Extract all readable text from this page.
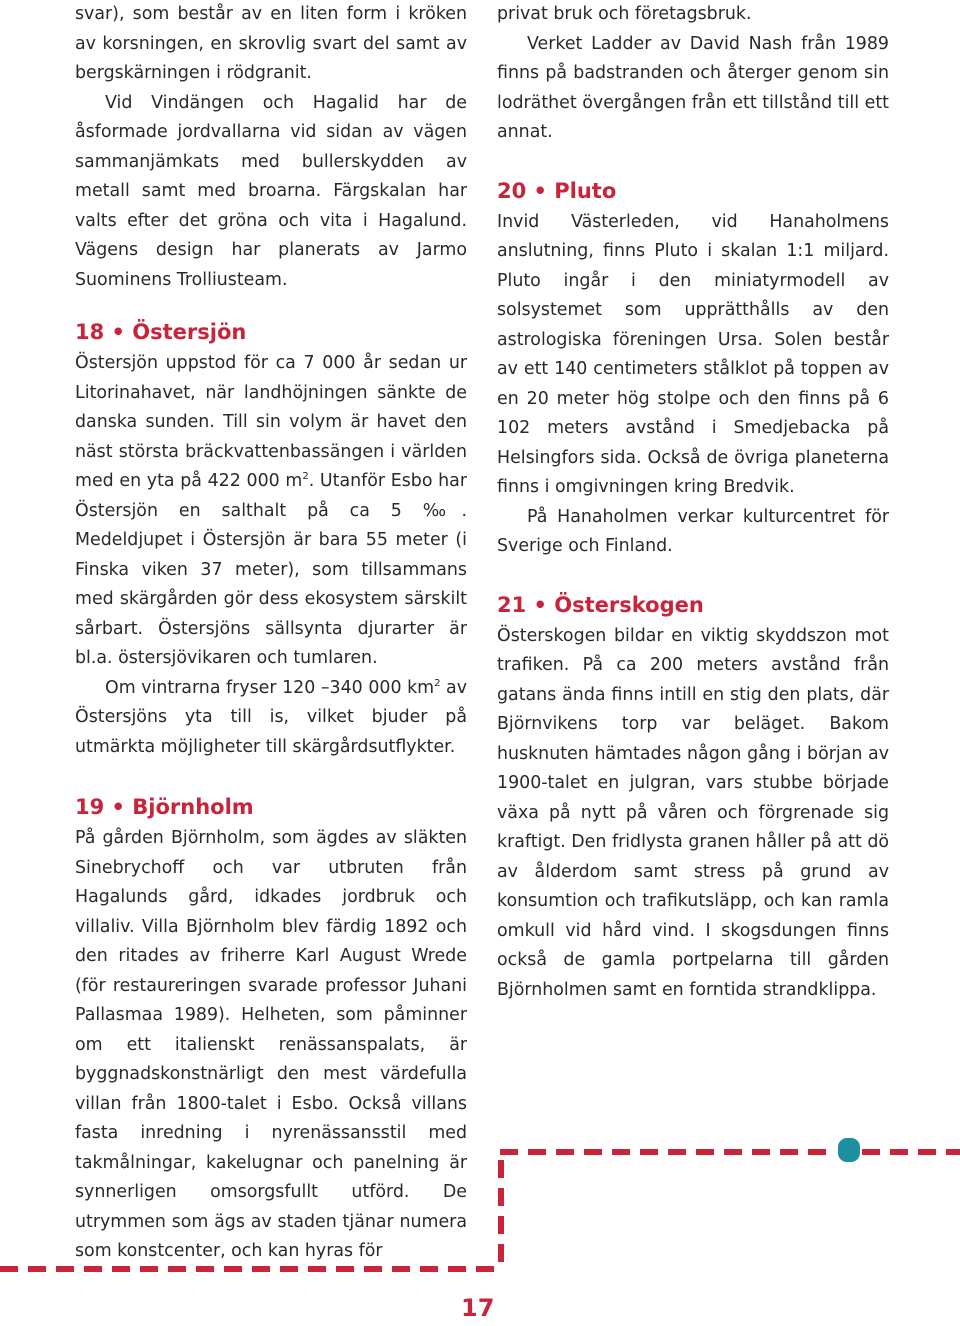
svar), som består av en liten form i kröken av korsningen, en skrovlig svart del samt av bergskärningen i rödgranit.

Vid Vindängen och Hagalid har de åsformade jordvallarna vid sidan av vägen sammanjämkats med bullerskydden av metall samt med broarna. Färgskalan har valts efter det gröna och vita i Hagalund. Vägens design har planerats av Jarmo Suominens Trolliusteam.

18 • Östersjön

Östersjön uppstod för ca 7 000 år sedan ur Litorinahavet, när landhöjningen sänkte de danska sunden. Till sin volym är havet den näst största bräckvattenbassängen i världen med en yta på 422 000 $m^2$. Utanför Esbo har Östersjön en salthalt på ca 5 ‰. Medeldjupet i Östersjön är bara 55 meter (i Finska viken 37 meter), som tillsammans med skärgården gör dess ekosystem särskilt sårbart. Östersjöns sällsynta djurarter är bl.a. östersjövikaren och tumlaren.

Om vintrarna fryser 120 –340 000 $km^2$ av Östersjöns yta till is, vilket bjuder på utmärkta möjligheter till skärgårdsutflykter.

19 • Björnholm

På gården Björnholm, som ägdes av släkten Sinebrychoff och var utbruten från Hagalunds gård, idkades jordbruk och villaliv. Villa Björnholm blev färdig 1892 och den ritades av friherre Karl August Wrede (för restaureringen svarade professor Juhani Pallasmaa 1989). Helheten, som påminner om ett italienskt renässanspalats, är byggnadskonstnärligt den mest värdefulla villan från 1800-talet i Esbo. Också villans fasta inredning i nyrenässansstil med takmålningar, kakelugnar och panelning är synnerligen omsorgsfullt utförd. De utrymmen som ägs av staden tjänar numera som konstcenter, och kan hyras för

privat bruk och företagsbruk.

Verket Ladder av David Nash från 1989 finns på badstranden och återger genom sin lodräthet övergången från ett tillstånd till ett annat.

20 • Pluto

Invid Västerleden, vid Hanaholmens anslutning, finns Pluto i skalan 1:1 miljard. Pluto ingår i den miniatyrmodell av solsystemet som upprätthålls av den astrologiska föreningen Ursa. Solen består av ett 140 centimeters stålklot på toppen av en 20 meter hög stolpe och den finns på 6 102 meters avstånd i Smedjebacka på Helsingfors sida. Också de övriga planeterna finns i omgivningen kring Bredvik.

På Hanaholmen verkar kulturcentret för Sverige och Finland.

21 • Österskogen

Österskogen bildar en viktig skyddszon mot trafiken. På ca 200 meters avstånd från gatans ända finns intill en stig den plats, där Björnvikens torp var beläget. Bakom husknuten hämtades någon gång i början av 1900-talet en julgran, vars stubbe började växa på nytt på våren och förgrenade sig kraftigt. Den fridlysta granen håller på att dö av ålderdom samt stress på grund av konsumtion och trafikutsläpp, och kan ramla omkull vid hård vind. I skogsdungen finns också de gamla portpelarna till gården Björnholmen samt en forntida strandklippa.

17
